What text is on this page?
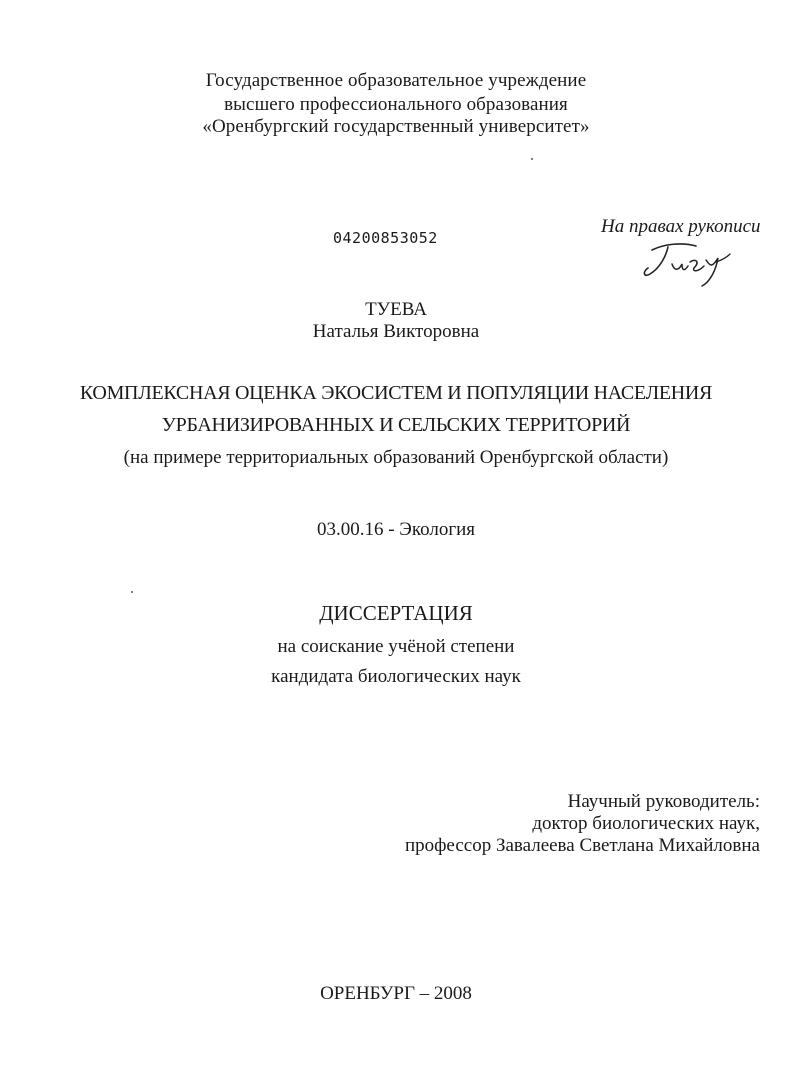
Государственное образовательное учреждение
высшего профессионального образования
«Оренбургский государственный университет»
04200853052
На правах рукописи
ТУЕВА
Наталья Викторовна
КОМПЛЕКСНАЯ ОЦЕНКА ЭКОСИСТЕМ И ПОПУЛЯЦИИ НАСЕЛЕНИЯ
УРБАНИЗИРОВАННЫХ И СЕЛЬСКИХ ТЕРРИТОРИЙ
(на примере территориальных образований Оренбургской области)
03.00.16 - Экология
ДИССЕРТАЦИЯ
на соискание учёной степени
кандидата биологических наук
Научный руководитель:
доктор биологических наук,
профессор Завалеева Светлана Михайловна
ОРЕНБУРГ – 2008
